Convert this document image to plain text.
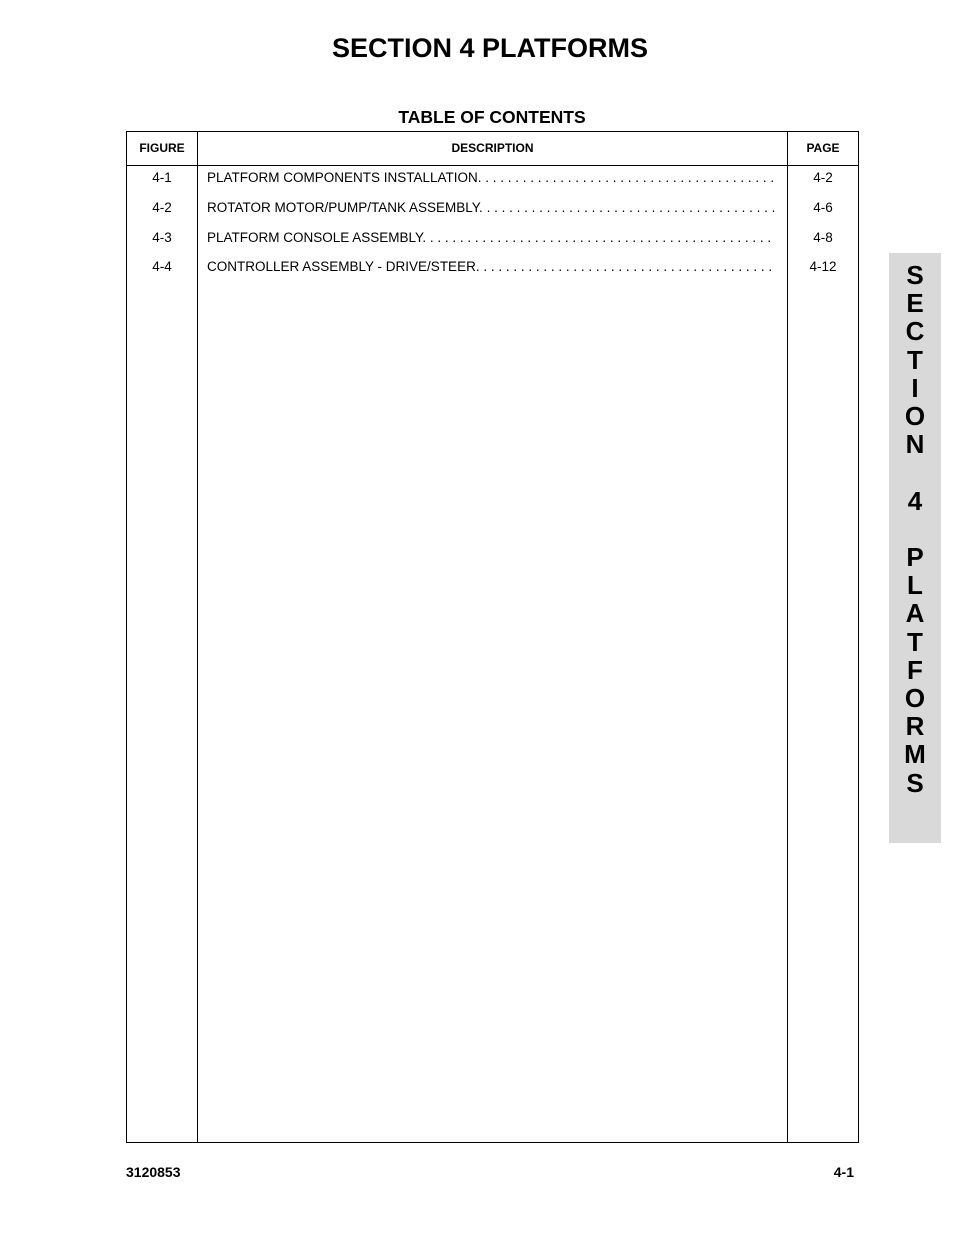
SECTION 4 PLATFORMS
TABLE OF CONTENTS
FIGURE	DESCRIPTION	PAGE
4-1	PLATFORM COMPONENTS INSTALLATION. . . .	4-2
4-2	ROTATOR MOTOR/PUMP/TANK ASSEMBLY. . . .	4-6
4-3	PLATFORM CONSOLE ASSEMBLY. . . .	4-8
4-4	CONTROLLER ASSEMBLY - DRIVE/STEER. . . .	4-12	S
E
C
T
I
O
N

4

P
L
A
T
F
O
R
M
S
3120853	4-1
